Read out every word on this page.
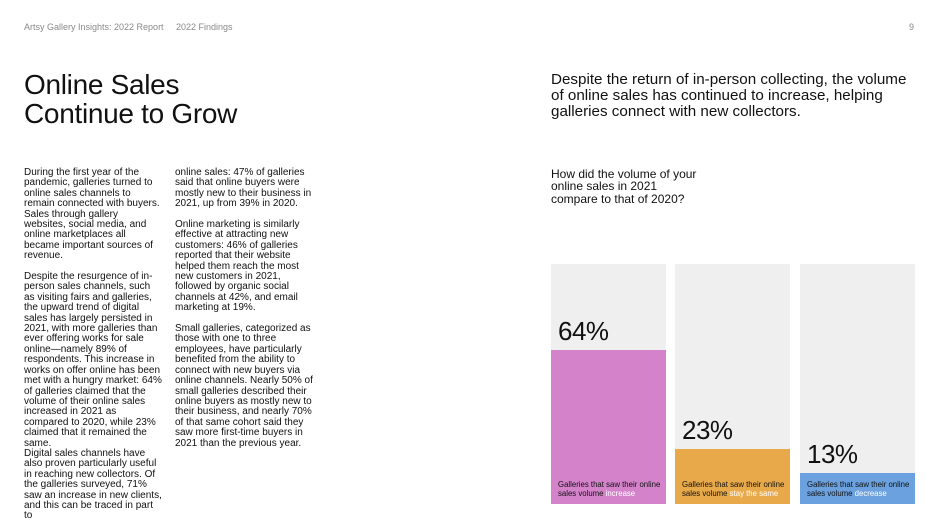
Artsy Gallery Insights: 2022 Report 2022 Findings	9
Online Sales
Continue to Grow

During the first year of the pandemic, galleries turned to online sales channels to remain connected with buyers. Sales through gallery websites, social media, and online marketplaces all became important sources of revenue.

Despite the resurgence of in-person sales channels, such as visiting fairs and galleries, the upward trend of digital sales has largely persisted in 2021, with more galleries than ever offering works for sale online—namely 89% of respondents. This increase in works on offer online has been met with a hungry market: 64% of galleries claimed that the volume of their online sales increased in 2021 as compared to 2020, while 23% claimed that it remained the same.

Digital sales channels have also proven particularly useful in reaching new collectors. Of the galleries surveyed, 71% saw an increase in new clients, and this can be traced in part to

online sales: 47% of galleries said that online buyers were mostly new to their business in 2021, up from 39% in 2020.

Online marketing is similarly effective at attracting new customers: 46% of galleries reported that their website helped them reach the most new customers in 2021, followed by organic social channels at 42%, and email marketing at 19%.

Small galleries, categorized as those with one to three employees, have particularly benefited from the ability to connect with new buyers via online channels. Nearly 50% of small galleries described their online buyers as mostly new to their business, and nearly 70% of that same cohort said they saw more first-time buyers in 2021 than the previous year.

Despite the return of in-person collecting, the volume of online sales has continued to increase, helping galleries connect with new collectors.
How did the volume of your online sales in 2021 compare to that of 2020?
64%
Galleries that saw their online sales volume increase
23%
Galleries that saw their online sales volume stay the same
13%
Galleries that saw their online sales volume decrease
